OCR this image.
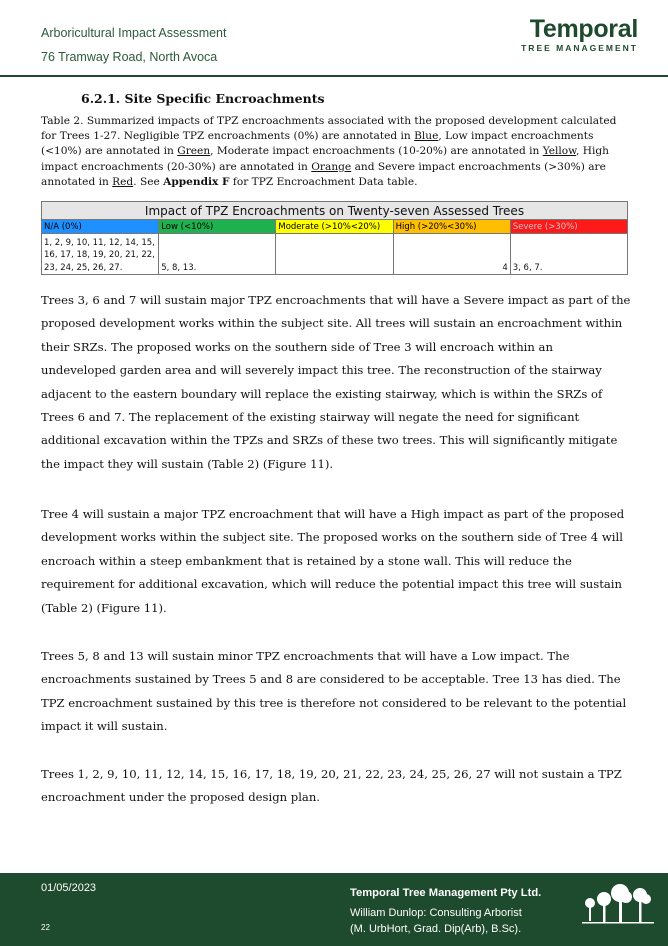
Arboricultural Impact Assessment
76 Tramway Road, North Avoca
Temporal
TREE MANAGEMENT
6.2.1. Site Specific Encroachments
Table 2. Summarized impacts of TPZ encroachments associated with the proposed development calculated for Trees 1-27. Negligible TPZ encroachments (0%) are annotated in Blue, Low impact encroachments (<10%) are annotated in Green, Moderate impact encroachments (10-20%) are annotated in Yellow, High impact encroachments (20-30%) are annotated in Orange and Severe impact encroachments (>30%) are annotated in Red. See Appendix F for TPZ Encroachment Data table.
Impact of TPZ Encroachments on Twenty-seven Assessed Trees				
N/A (0%)	Low (<10%)	Moderate (>10%<20%)	High (>20%<30%)	Severe (>30%)
1, 2, 9, 10, 11, 12, 14, 15, 16, 17, 18, 19, 20, 21, 22, 23, 24, 25, 26, 27.	5, 8, 13.		4	3, 6, 7.
Trees 3, 6 and 7 will sustain major TPZ encroachments that will have a Severe impact as part of the proposed development works within the subject site. All trees will sustain an encroachment within their SRZs. The proposed works on the southern side of Tree 3 will encroach within an undeveloped garden area and will severely impact this tree. The reconstruction of the stairway adjacent to the eastern boundary will replace the existing stairway, which is within the SRZs of Trees 6 and 7. The replacement of the existing stairway will negate the need for significant additional excavation within the TPZs and SRZs of these two trees. This will significantly mitigate the impact they will sustain (Table 2) (Figure 11).
Tree 4 will sustain a major TPZ encroachment that will have a High impact as part of the proposed development works within the subject site. The proposed works on the southern side of Tree 4 will encroach within a steep embankment that is retained by a stone wall. This will reduce the requirement for additional excavation, which will reduce the potential impact this tree will sustain (Table 2) (Figure 11).
Trees 5, 8 and 13 will sustain minor TPZ encroachments that will have a Low impact. The encroachments sustained by Trees 5 and 8 are considered to be acceptable. Tree 13 has died. The TPZ encroachment sustained by this tree is therefore not considered to be relevant to the potential impact it will sustain.
Trees 1, 2, 9, 10, 11, 12, 14, 15, 16, 17, 18, 19, 20, 21, 22, 23, 24, 25, 26, 27 will not sustain a TPZ encroachment under the proposed design plan.
01/05/2023
22
Temporal Tree Management Pty Ltd.
William Dunlop: Consulting Arborist
(M. UrbHort, Grad. Dip(Arb), B.Sc).
